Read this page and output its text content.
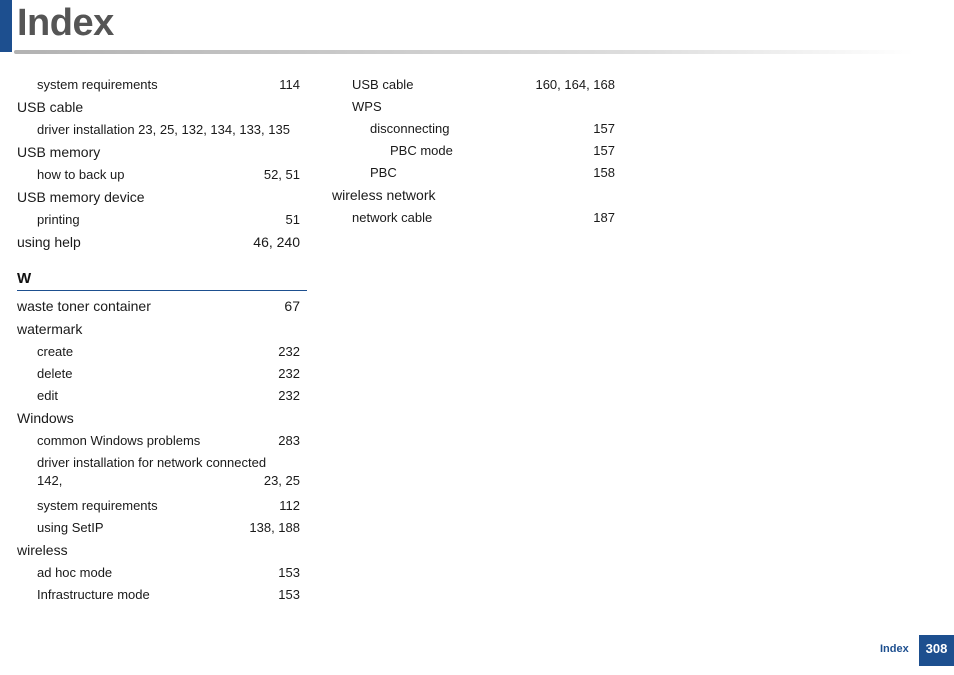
Index
system requirements	114
USB cable
driver installation 23, 25, 132, 134, 133, 135
USB memory
how to back up	52, 51
USB memory device
printing	51
using help	46, 240
W
waste toner container	67
watermark
create	232
delete	232
edit	232
Windows
common Windows problems	283
driver installation for network connected
142,	23, 25
system requirements	112
using SetIP	138, 188
wireless
ad hoc mode	153
Infrastructure mode	153
USB cable	160, 164, 168
WPS
disconnecting	157
PBC mode	157
PBC	158
wireless network
network cable	187
Index	308
